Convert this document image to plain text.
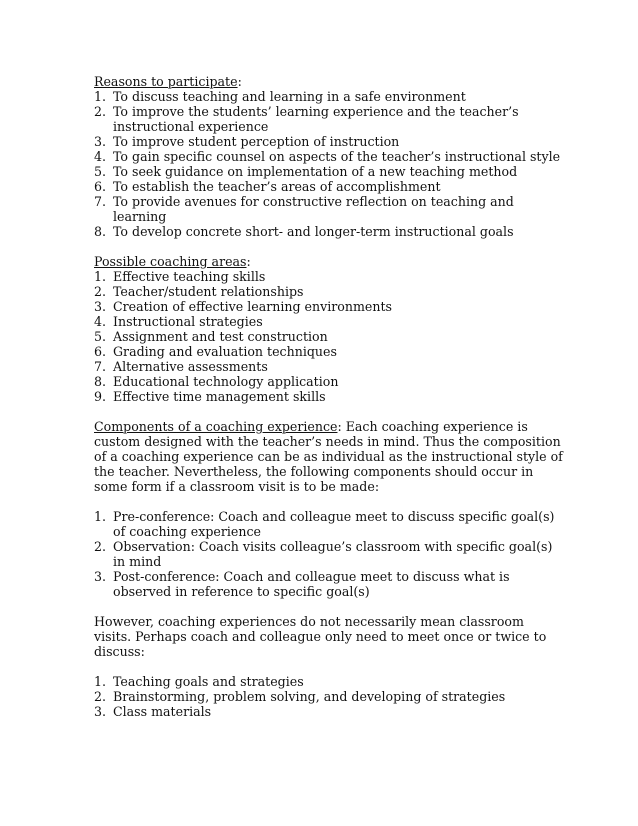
Reasons to participate:
1. To discuss teaching and learning in a safe environment
2. To improve the students’ learning experience and the teacher’s instructional experience
3. To improve student perception of instruction
4. To gain specific counsel on aspects of the teacher’s instructional style
5. To seek guidance on implementation of a new teaching method
6. To establish the teacher’s areas of accomplishment
7. To provide avenues for constructive reflection on teaching and learning
8. To develop concrete short- and longer-term instructional goals
Possible coaching areas:
1. Effective teaching skills
2. Teacher/student relationships
3. Creation of effective learning environments
4. Instructional strategies
5. Assignment and test construction
6. Grading and evaluation techniques
7. Alternative assessments
8. Educational technology application
9. Effective time management skills

Components of a coaching experience: Each coaching experience is custom designed with the teacher’s needs in mind. Thus the composition of a coaching experience can be as individual as the instructional style of the teacher. Nevertheless, the following components should occur in some form if a classroom visit is to be made:

1. Pre-conference: Coach and colleague meet to discuss specific goal(s) of coaching experience
2. Observation: Coach visits colleague’s classroom with specific goal(s) in mind
3. Post-conference: Coach and colleague meet to discuss what is observed in reference to specific goal(s)

However, coaching experiences do not necessarily mean classroom visits. Perhaps coach and colleague only need to meet once or twice to discuss:

1. Teaching goals and strategies
2. Brainstorming, problem solving, and developing of strategies
3. Class materials
